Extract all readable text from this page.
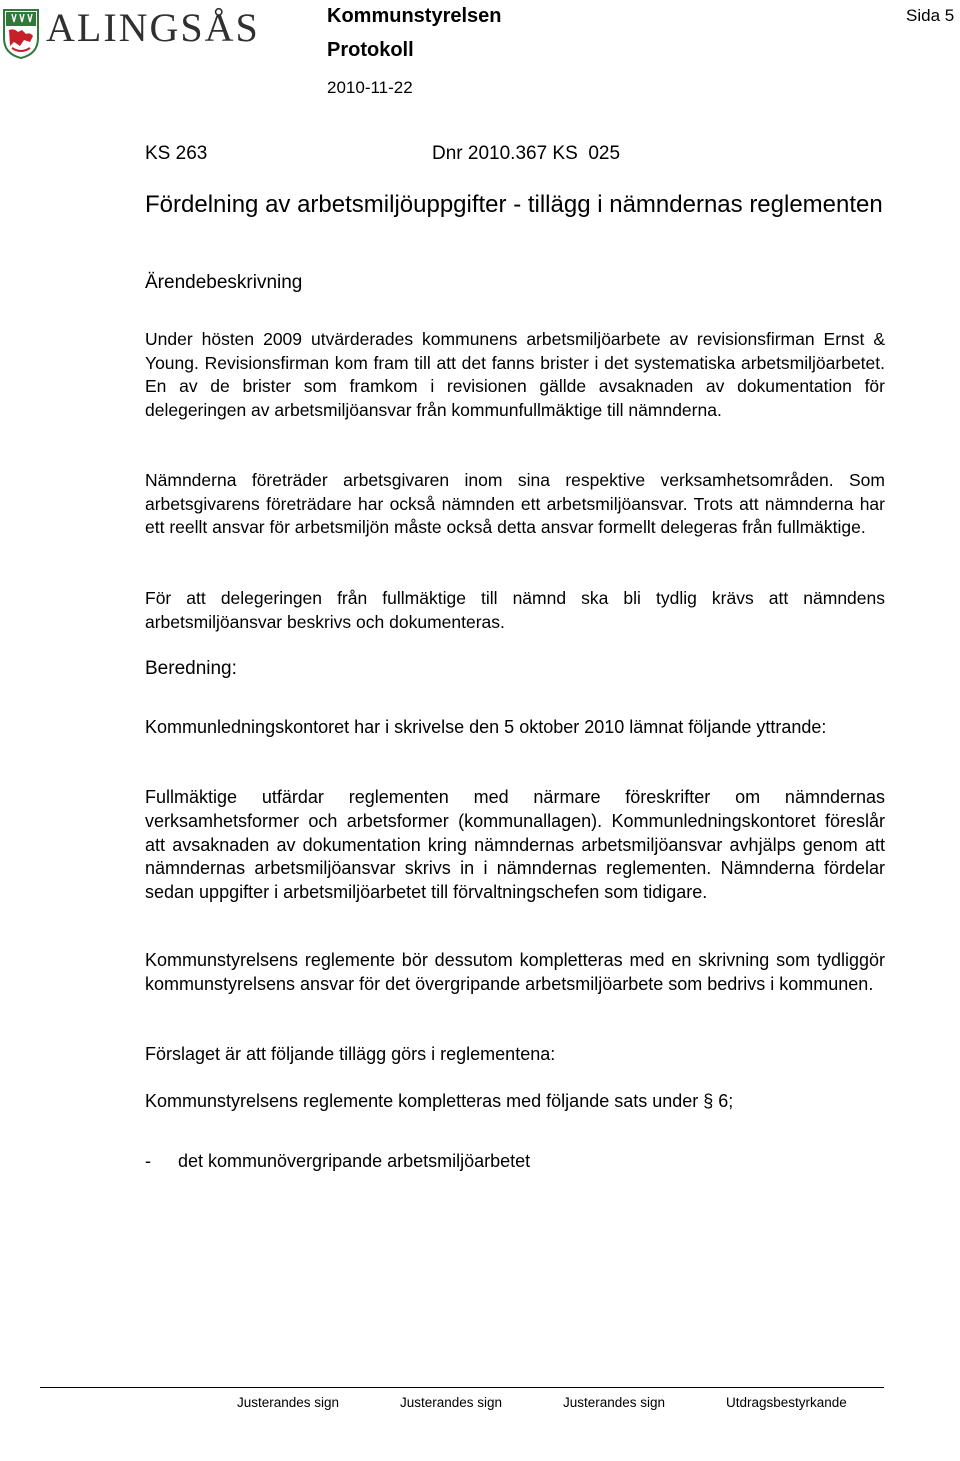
ALINGSÅS	Kommunstyrelsen
Protokoll
2010-11-22
Sida 5
KS 263	Dnr 2010.367 KS  025
Fördelning av arbetsmiljöuppgifter - tillägg i nämndernas reglementen
Ärendebeskrivning
Under hösten 2009 utvärderades kommunens arbetsmiljöarbete av revisionsfirman Ernst & Young. Revisionsfirman kom fram till att det fanns brister i det systematiska arbetsmiljöarbetet. En av de brister som framkom i revisionen gällde avsaknaden av dokumentation för delegeringen av arbetsmiljöansvar från kommunfullmäktige till nämnderna.
Nämnderna företräder arbetsgivaren inom sina respektive verksamhetsområden. Som arbetsgivarens företrädare har också nämnden ett arbetsmiljöansvar. Trots att nämnderna har ett reellt ansvar för arbetsmiljön måste också detta ansvar formellt delegeras från fullmäktige.
För att delegeringen från fullmäktige till nämnd ska bli tydlig krävs att nämndens arbetsmiljöansvar beskrivs och dokumenteras.
Beredning:
Kommunledningskontoret har i skrivelse den 5 oktober 2010 lämnat följande yttrande:
Fullmäktige utfärdar reglementen med närmare föreskrifter om nämndernas verksamhetsformer och arbetsformer (kommunallagen). Kommunledningskontoret föreslår att avsaknaden av dokumentation kring nämndernas arbetsmiljöansvar avhjälps genom att nämndernas arbetsmiljöansvar skrivs in i nämndernas reglementen. Nämnderna fördelar sedan uppgifter i arbetsmiljöarbetet till förvaltningschefen som tidigare.
Kommunstyrelsens reglemente bör dessutom kompletteras med en skrivning som tydliggör kommunstyrelsens ansvar för det övergripande arbetsmiljöarbete som bedrivs i kommunen.
Förslaget är att följande tillägg görs i reglementena:
Kommunstyrelsens reglemente kompletteras med följande sats under § 6;
- det kommunövergripande arbetsmiljöarbetet
Justerandes sign	Justerandes sign	Justerandes sign	Utdragsbestyrkande
